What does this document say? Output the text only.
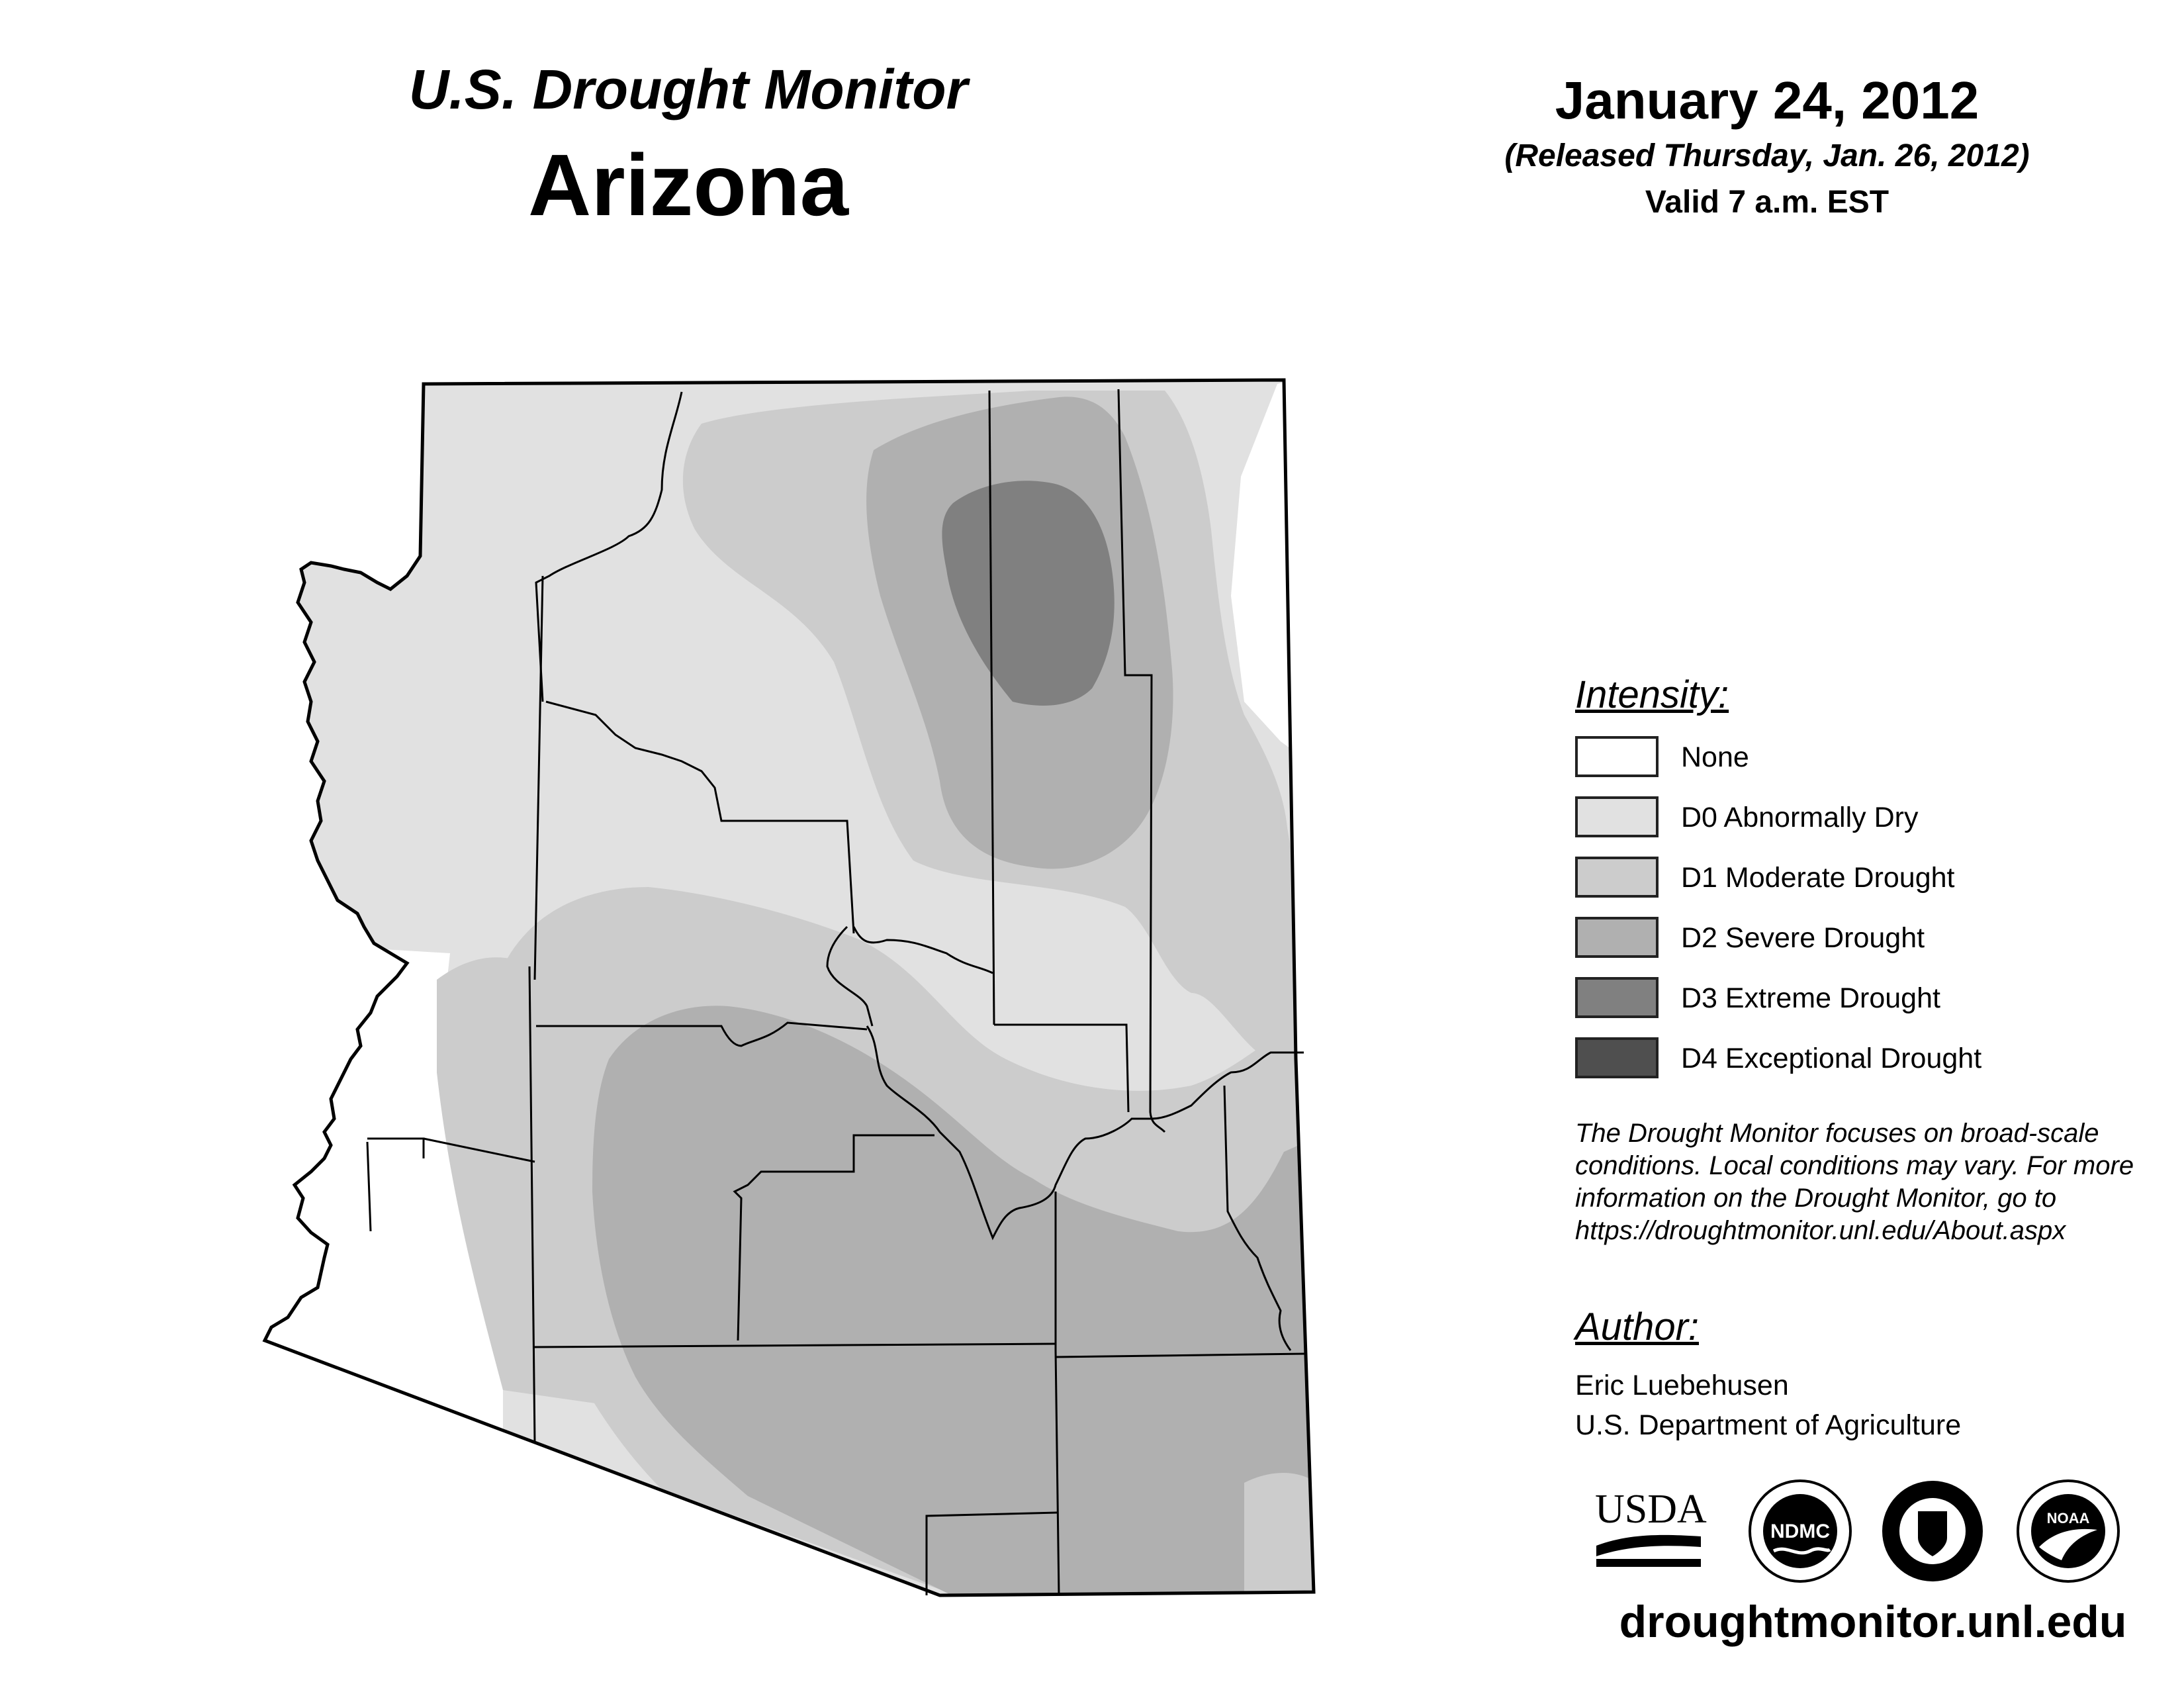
U.S. Drought Monitor
Arizona
January 24, 2012
(Released Thursday, Jan. 26, 2012)
Valid 7 a.m. EST
Intensity:
None
D0 Abnormally Dry
D1 Moderate Drought
D2 Severe Drought
D3 Extreme Drought
D4 Exceptional Drought
The Drought Monitor focuses on broad-scale conditions. Local conditions may vary. For more information on the Drought Monitor, go to https://droughtmonitor.unl.edu/About.aspx
Author:
Eric Luebehusen
U.S. Department of Agriculture
USDA	NDMC
NOAA
droughtmonitor.unl.edu
